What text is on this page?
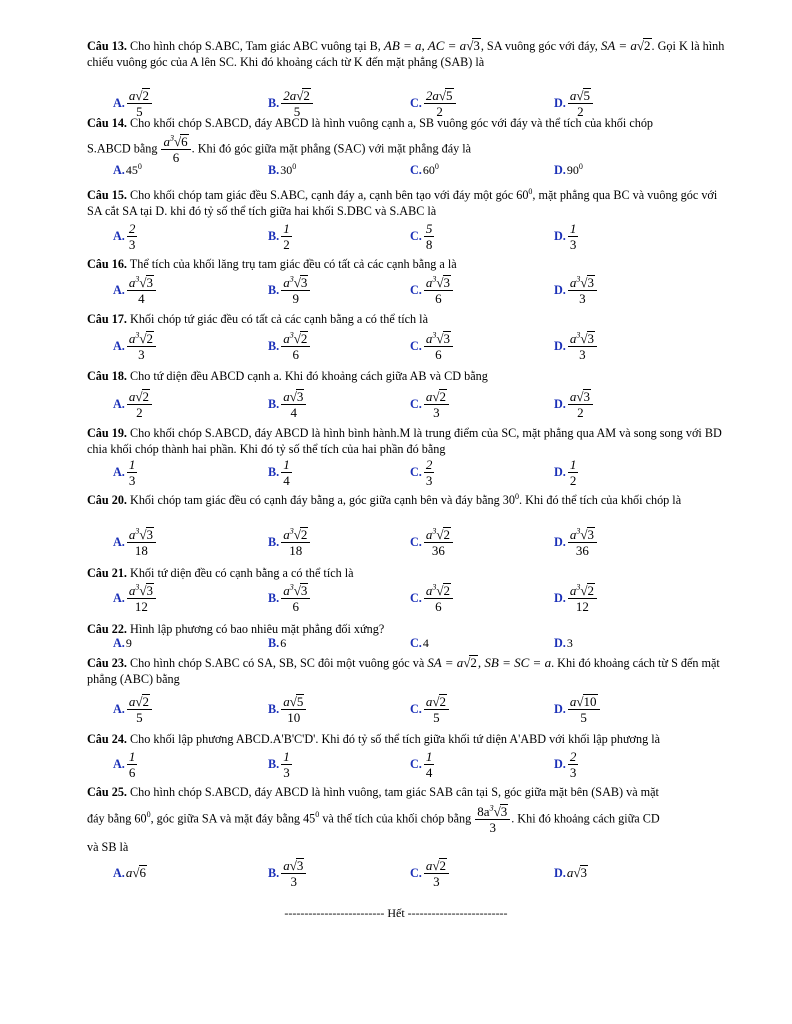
Câu 13. Cho hình chóp S.ABC, Tam giác ABC vuông tại B, AB = a, AC = a√3, SA vuông góc với đáy, SA = a√2. Gọi K là hình chiếu vuông góc của A lên SC. Khi đó khoảng cách từ K đến mặt phẳng (SAB) là
A. $\frac{a√2}{5}$	B. $\frac{2a√2}{5}$	C. $\frac{2a√5}{2}$	D. $\frac{a√5}{2}$
Câu 14. Cho khối chóp S.ABCD, đáy ABCD là hình vuông cạnh a, SB vuông góc với đáy và thể tích của khối chóp
S.ABCD bằng $\frac{a^3√6}{6}$ . Khi đó góc giữa mặt phẳng (SAC) với mặt phẳng đáy là
A. $45^0$	B. $30^0$	C. $60^0$	D. $90^0$
Câu 15. Cho khối chóp tam giác đều S.ABC, cạnh đáy a, cạnh bên tạo với đáy một góc $60^0$, mặt phẳng qua BC và vuông góc với SA cắt SA tại D. khi đó tỷ số thể tích giữa hai khối S.DBC và S.ABC là
A. $\frac{2}{3}$	B. $\frac{1}{2}$	C. $\frac{5}{8}$	D. $\frac{1}{3}$
Câu 16. Thể tích của khối lăng trụ tam giác đều có tất cả các cạnh bằng a là
A. $\frac{a^3√3}{4}$	B. $\frac{a^3√3}{9}$	C. $\frac{a^3√3}{6}$	D. $\frac{a^3√3}{3}$
Câu 17. Khối chóp tứ giác đều có tất cả các cạnh bằng a có thể tích là
A. $\frac{a^3√2}{3}$	B. $\frac{a^3√2}{6}$	C. $\frac{a^3√3}{6}$	D. $\frac{a^3√3}{3}$
Câu 18. Cho tứ diện đều ABCD cạnh a. Khi đó khoảng cách giữa AB và CD bằng
A. $\frac{a√2}{2}$	B. $\frac{a√3}{4}$	C. $\frac{a√2}{3}$	D. $\frac{a√3}{2}$
Câu 19. Cho khối chóp S.ABCD, đáy ABCD là hình bình hành.M là trung điểm của SC, mặt phẳng qua AM và song song với BD chia khối chóp thành hai phần. Khi đó tỷ số thể tích của hai phần đó bằng
A. $\frac{1}{3}$	B. $\frac{1}{4}$	C. $\frac{2}{3}$	D. $\frac{1}{2}$
Câu 20. Khối chóp tam giác đều có cạnh đáy bằng a, góc giữa cạnh bên và đáy bằng $30^0$. Khi đó thể tích của khối chóp là
A. $\frac{a^3√3}{18}$	B. $\frac{a^3√2}{18}$	C. $\frac{a^3√2}{36}$	D. $\frac{a^3√3}{36}$
Câu 21. Khối tứ diện đều có cạnh bằng a có thể tích là
A. $\frac{a^3√3}{12}$	B. $\frac{a^3√3}{6}$	C. $\frac{a^3√2}{6}$	D. $\frac{a^3√2}{12}$
Câu 22. Hình lập phương có bao nhiêu mặt phẳng đối xứng?
A. 9	B. 6	C. 4	D. 3
Câu 23. Cho hình chóp S.ABC có SA, SB, SC đôi một vuông góc và SA = a√2, SB = SC = a. Khi đó khoảng cách từ S đến mặt phẳng (ABC) bằng
A. $\frac{a√2}{5}$	B. $\frac{a√5}{10}$	C. $\frac{a√2}{5}$	D. $\frac{a√10}{5}$
Câu 24. Cho khối lập phương ABCD.A'B'C'D'. Khi đó tỷ số thể tích giữa khối tứ diện A'ABD với khối lập phương là
A. $\frac{1}{6}$	B. $\frac{1}{3}$	C. $\frac{1}{4}$	D. $\frac{2}{3}$
Câu 25. Cho hình chóp S.ABCD, đáy ABCD là hình vuông, tam giác SAB cân tại S, góc giữa mặt bên (SAB) và mặt
đáy bằng $60^0$, góc giữa SA và mặt đáy bằng $45^0$ và thể tích của khối chóp bằng $\frac{8a^3√3}{3}$ . Khi đó khoảng cách giữa CD
và SB là
A. a√6	B. $\frac{a√3}{3}$	C. $\frac{a√2}{3}$	D. a√3
------------------------- Hết -------------------------
